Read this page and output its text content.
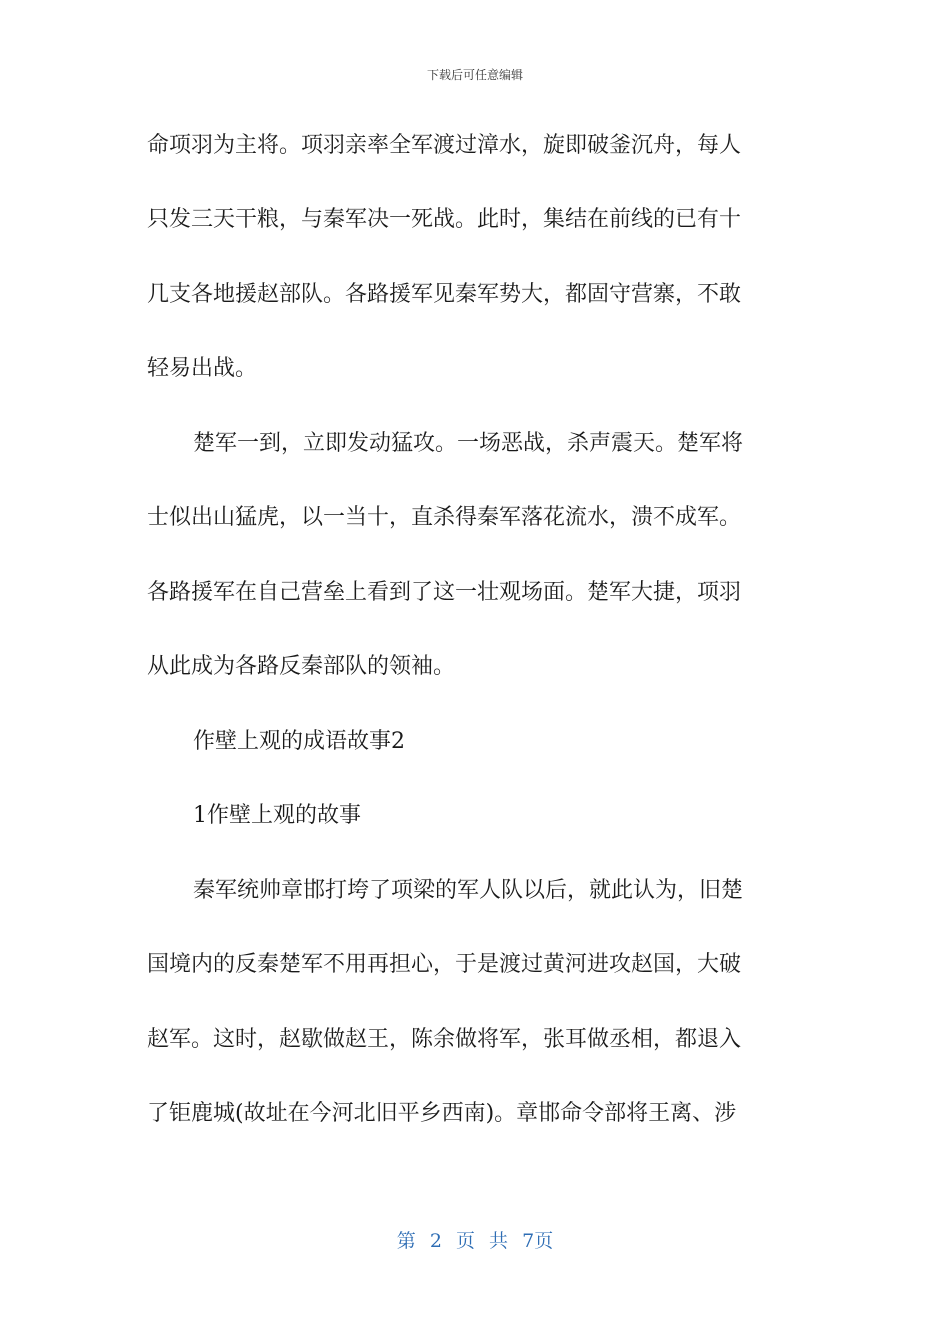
下载后可任意编辑
命项羽为主将。项羽亲率全军渡过漳水，旋即破釜沉舟，每人
只发三天干粮，与秦军决一死战。此时，集结在前线的已有十
几支各地援赵部队。各路援军见秦军势大，都固守营寨，不敢
轻易出战。
楚军一到，立即发动猛攻。一场恶战，杀声震天。楚军将
士似出山猛虎，以一当十，直杀得秦军落花流水，溃不成军。
各路援军在自己营垒上看到了这一壮观场面。楚军大捷，项羽
从此成为各路反秦部队的领袖。
作壁上观的成语故事2
1作壁上观的故事
秦军统帅章邯打垮了项梁的军人队以后，就此认为，旧楚
国境内的反秦楚军不用再担心，于是渡过黄河进攻赵国，大破
赵军。这时，赵歇做赵王，陈余做将军，张耳做丞相，都退入
了钜鹿城(故址在今河北旧平乡西南)。章邯命令部将王离、涉
第 2 页 共 7页
